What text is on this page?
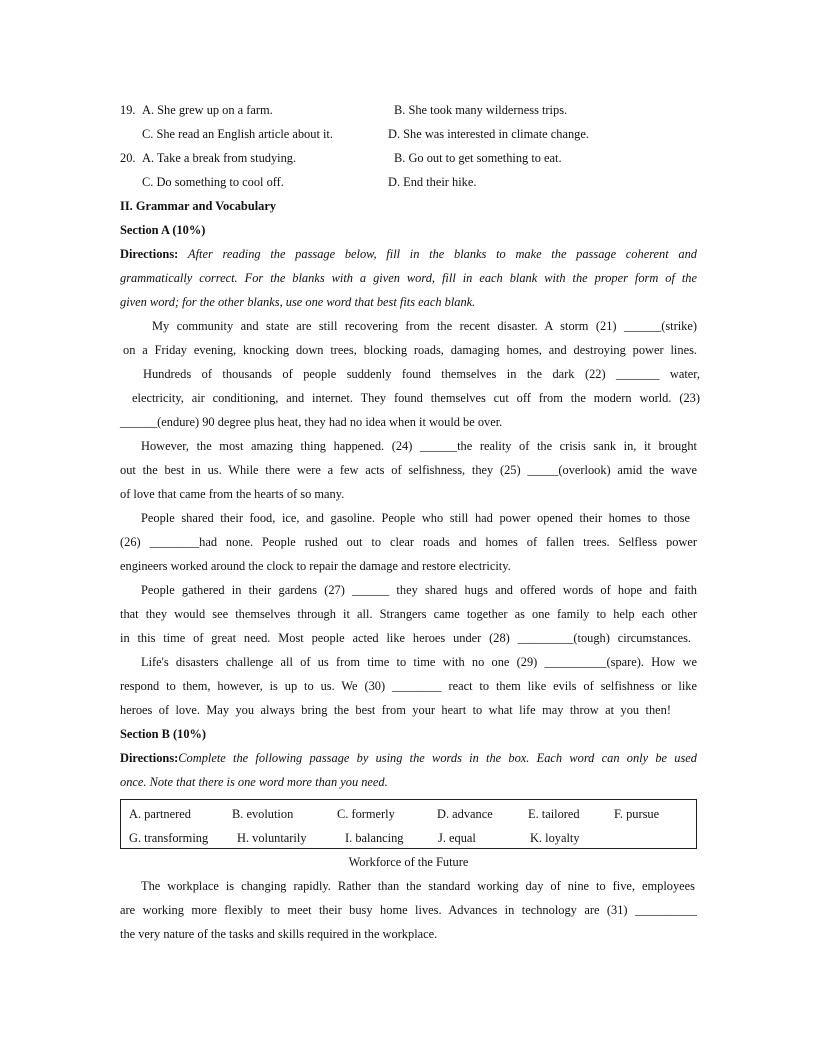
19. A. She grew up on a farm.	B. She took many wilderness trips.
C. She read an English article about it.	D. She was interested in climate change.
20. A. Take a break from studying.	B. Go out to get something to eat.
C. Do something to cool off.	D. End their hike.
II. Grammar and Vocabulary
Section A (10%)
Directions: After reading the passage below, fill in the blanks to make the passage coherent and
grammatically correct. For the blanks with a given word, fill in each blank with the proper form of the
given word; for the other blanks, use one word that best fits each blank.
My community and state are still recovering from the recent disaster. A storm (21) ______(strike)
on a Friday evening, knocking down trees, blocking roads, damaging homes, and destroying power lines.
Hundreds of thousands of people suddenly found themselves in the dark (22) _______ water,
electricity, air conditioning, and internet. They found themselves cut off from the modern world. (23)
______(endure) 90 degree plus heat, they had no idea when it would be over.
However, the most amazing thing happened. (24) ______the reality of the crisis sank in, it brought
out the best in us. While there were a few acts of selfishness, they (25) _____(overlook) amid the wave
of love that came from the hearts of so many.
People shared their food, ice, and gasoline. People who still had power opened their homes to those
(26) ________had none. People rushed out to clear roads and homes of fallen trees. Selfless power
engineers worked around the clock to repair the damage and restore electricity.
People gathered in their gardens (27) ______ they shared hugs and offered words of hope and faith
that they would see themselves through it all. Strangers came together as one family to help each other
in this time of great need. Most people acted like heroes under (28) _________(tough) circumstances.
Life's disasters challenge all of us from time to time with no one (29) __________(spare). How we
respond to them, however, is up to us. We (30) ________ react to them like evils of selfishness or like
heroes of love. May you always bring the best from your heart to what life may throw at you then!
Section B (10%)
Directions:Complete the following passage by using the words in the box. Each word can only be used
once. Note that there is one word more than you need.
A. partnered	B. evolution	C. formerly	D. advance	E. tailored	F. pursue
G. transforming H. voluntarily	I. balancing	J. equal	K. loyalty
Workforce of the Future
The workplace is changing rapidly. Rather than the standard working day of nine to five, employees
are working more flexibly to meet their busy home lives. Advances in technology are (31) __________
the very nature of the tasks and skills required in the workplace.
